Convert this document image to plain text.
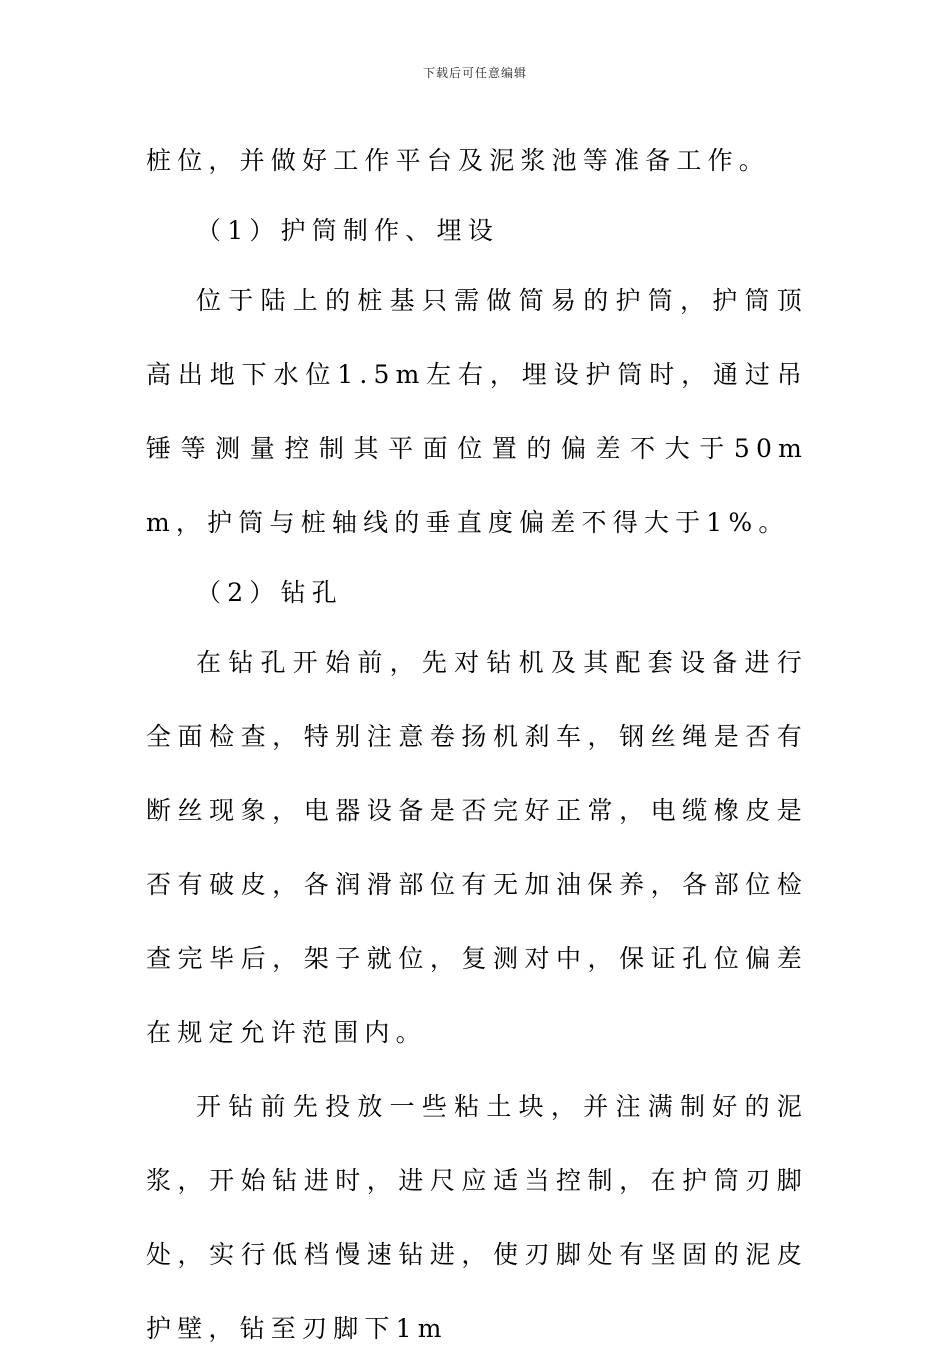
下载后可任意编辑

桩位，并做好工作平台及泥浆池等准备工作。

（1）护筒制作、埋设

位于陆上的桩基只需做简易的护筒，护筒顶高出地下水位1.5m左右，埋设护筒时，通过吊锤等测量控制其平面位置的偏差不大于50mm，护筒与桩轴线的垂直度偏差不得大于1%。

（2）钻孔

在钻孔开始前，先对钻机及其配套设备进行全面检查，特别注意卷扬机刹车，钢丝绳是否有断丝现象，电器设备是否完好正常，电缆橡皮是否有破皮，各润滑部位有无加油保养，各部位检查完毕后，架子就位，复测对中，保证孔位偏差在规定允许范围内。

开钻前先投放一些粘土块，并注满制好的泥浆，开始钻进时，进尺应适当控制，在护筒刃脚处，实行低档慢速钻进，使刃脚处有坚固的泥皮护壁，钻至刃脚下1m
